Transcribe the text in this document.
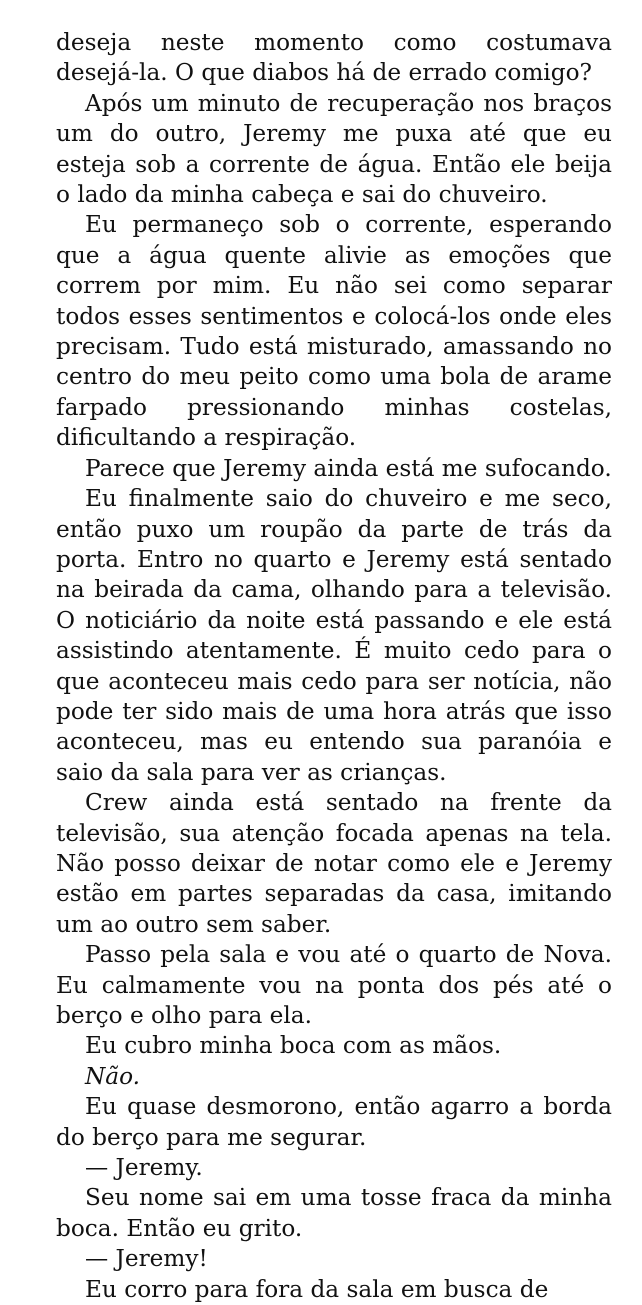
deseja neste momento como costumava desejá-la. O que diabos há de errado comigo?

Após um minuto de recuperação nos braços um do outro, Jeremy me puxa até que eu esteja sob a corrente de água. Então ele beija o lado da minha cabeça e sai do chuveiro.

Eu permaneço sob o corrente, esperando que a água quente alivie as emoções que correm por mim. Eu não sei como separar todos esses sentimentos e colocá-los onde eles precisam. Tudo está misturado, amassando no centro do meu peito como uma bola de arame farpado pressionando minhas costelas, dificultando a respiração.

Parece que Jeremy ainda está me sufocando.

Eu finalmente saio do chuveiro e me seco, então puxo um roupão da parte de trás da porta. Entro no quarto e Jeremy está sentado na beirada da cama, olhando para a televisão. O noticiário da noite está passando e ele está assistindo atentamente. É muito cedo para o que aconteceu mais cedo para ser notícia, não pode ter sido mais de uma hora atrás que isso aconteceu, mas eu entendo sua paranóia e saio da sala para ver as crianças.

Crew ainda está sentado na frente da televisão, sua atenção focada apenas na tela. Não posso deixar de notar como ele e Jeremy estão em partes separadas da casa, imitando um ao outro sem saber.

Passo pela sala e vou até o quarto de Nova. Eu calmamente vou na ponta dos pés até o berço e olho para ela.

Eu cubro minha boca com as mãos.

Não.

Eu quase desmorono, então agarro a borda do berço para me segurar.

— Jeremy.

Seu nome sai em uma tosse fraca da minha boca. Então eu grito.

— Jeremy!

Eu corro para fora da sala em busca de
